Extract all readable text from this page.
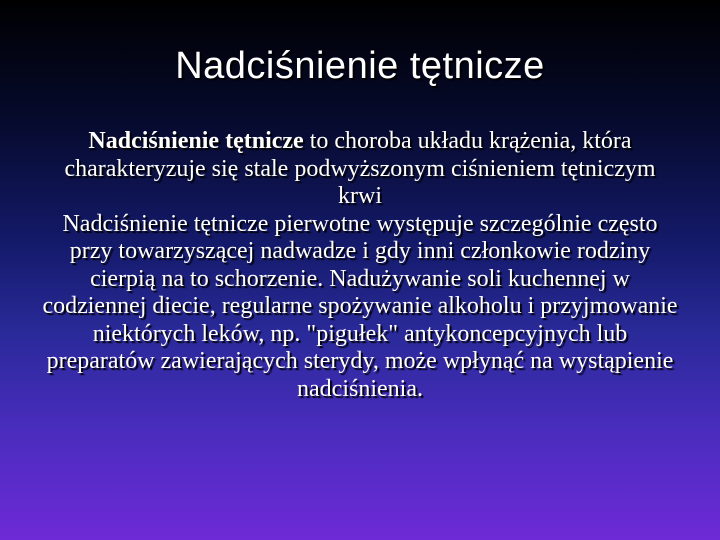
Nadciśnienie tętnicze

Nadciśnienie tętnicze to choroba układu krążenia, która charakteryzuje się stale podwyższonym ciśnieniem tętniczym krwi

Nadciśnienie tętnicze pierwotne występuje szczególnie często przy towarzyszącej nadwadze i gdy inni członkowie rodziny cierpią na to schorzenie. Nadużywanie soli kuchennej w codziennej diecie, regularne spożywanie alkoholu i przyjmowanie niektórych leków, np. "pigułek" antykoncepcyjnych lub preparatów zawierających sterydy, może wpłynąć na wystąpienie nadciśnienia.
